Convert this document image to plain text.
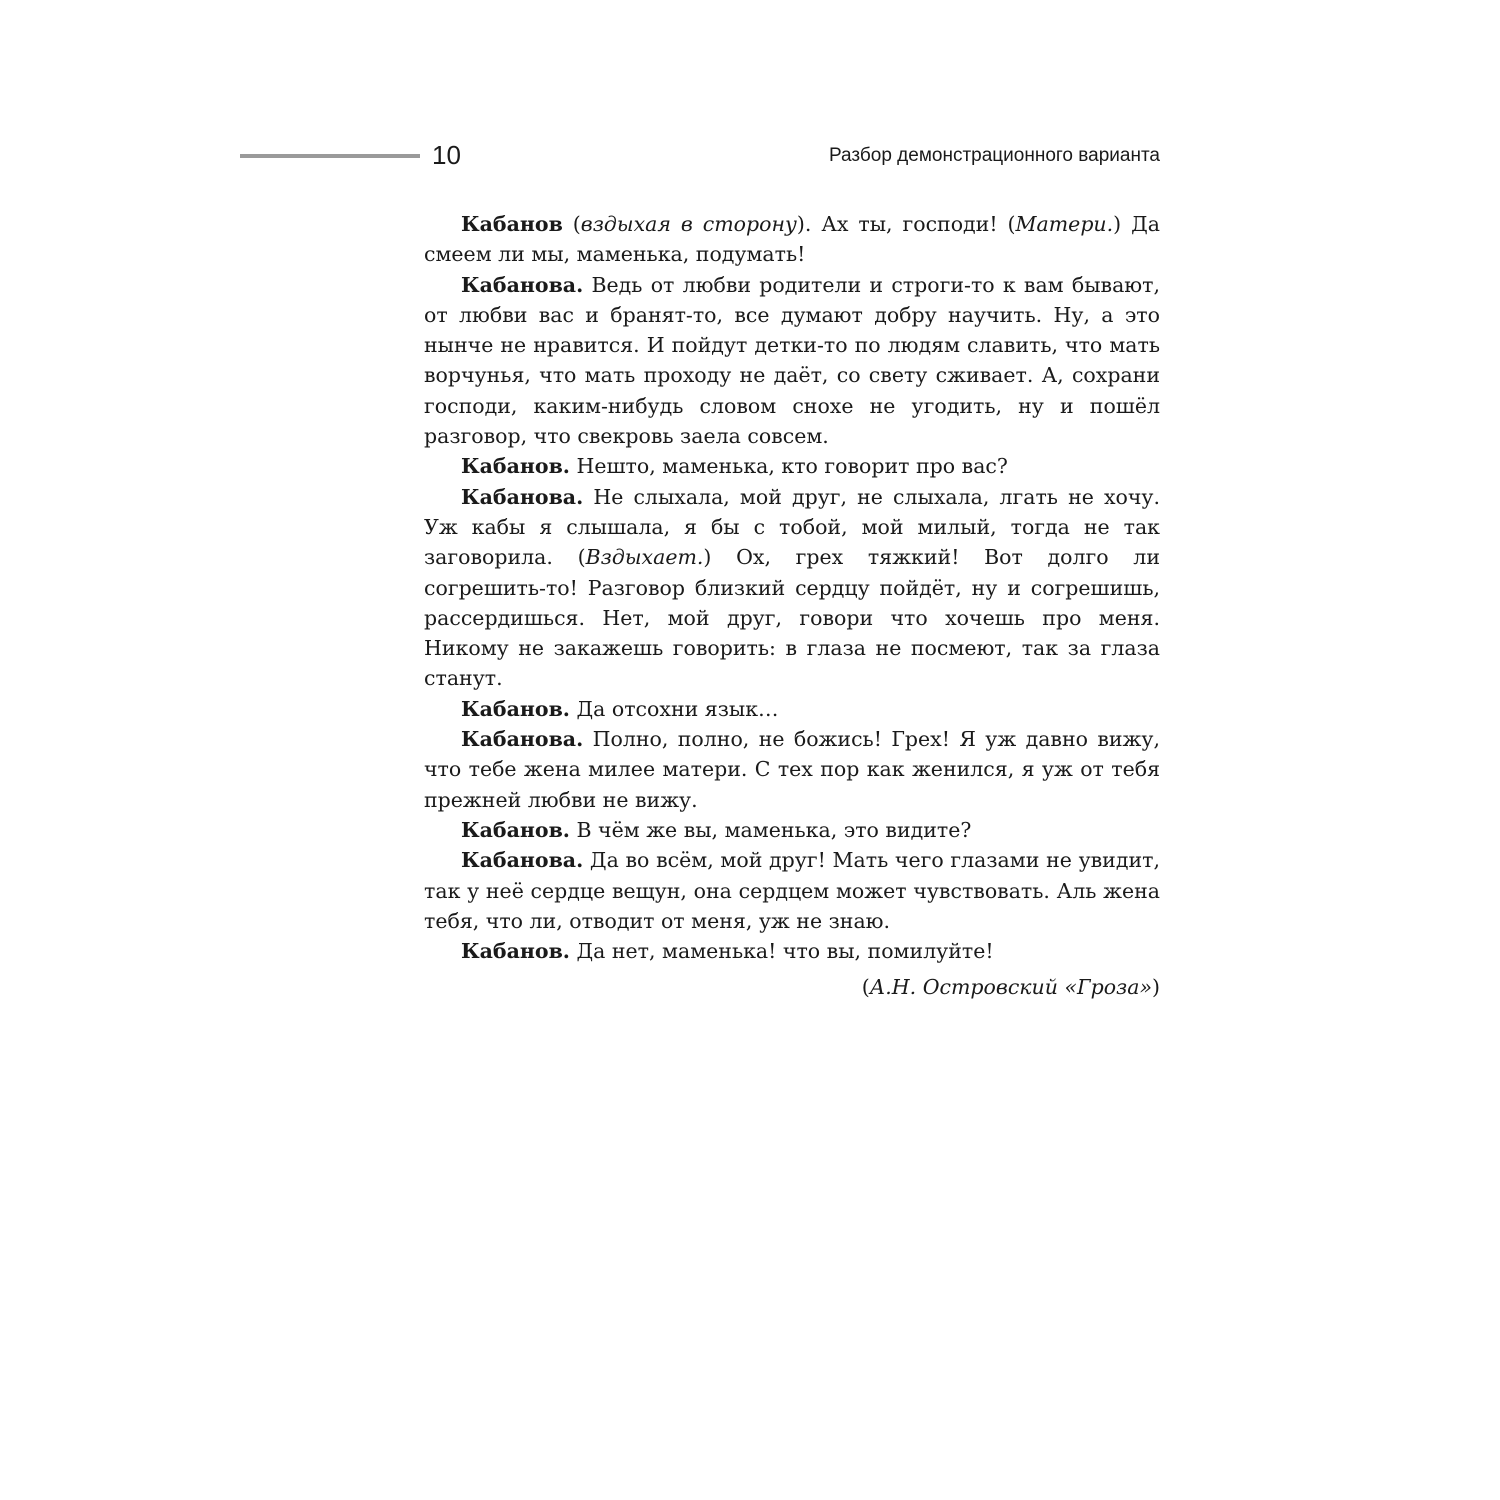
10	Разбор демонстрационного варианта

Кабанов (вздыхая в сторону). Ах ты, господи! (Матери.) Да смеем ли мы, маменька, подумать!

Кабанова. Ведь от любви родители и строги-то к вам бывают, от любви вас и бранят-то, все думают добру научить. Ну, а это нынче не нравится. И пойдут детки-то по людям славить, что мать ворчунья, что мать проходу не даёт, со свету сживает. А, сохрани господи, каким-нибудь словом снохе не угодить, ну и пошёл разговор, что свекровь заела совсем.

Кабанов. Нешто, маменька, кто говорит про вас?

Кабанова. Не слыхала, мой друг, не слыхала, лгать не хочу. Уж кабы я слышала, я бы с тобой, мой милый, тогда не так заговорила. (Вздыхает.) Ох, грех тяжкий! Вот долго ли согрешить-то! Разговор близкий сердцу пойдёт, ну и согрешишь, рассердишься. Нет, мой друг, говори что хочешь про меня. Никому не закажешь говорить: в глаза не посмеют, так за глаза станут.

Кабанов. Да отсохни язык…

Кабанова. Полно, полно, не божись! Грех! Я уж давно вижу, что тебе жена милее матери. С тех пор как женился, я уж от тебя прежней любви не вижу.

Кабанов. В чём же вы, маменька, это видите?

Кабанова. Да во всём, мой друг! Мать чего глазами не увидит, так у неё сердце вещун, она сердцем может чувствовать. Аль жена тебя, что ли, отводит от меня, уж не знаю.

Кабанов. Да нет, маменька! что вы, помилуйте!

(А.Н. Островский «Гроза»)
